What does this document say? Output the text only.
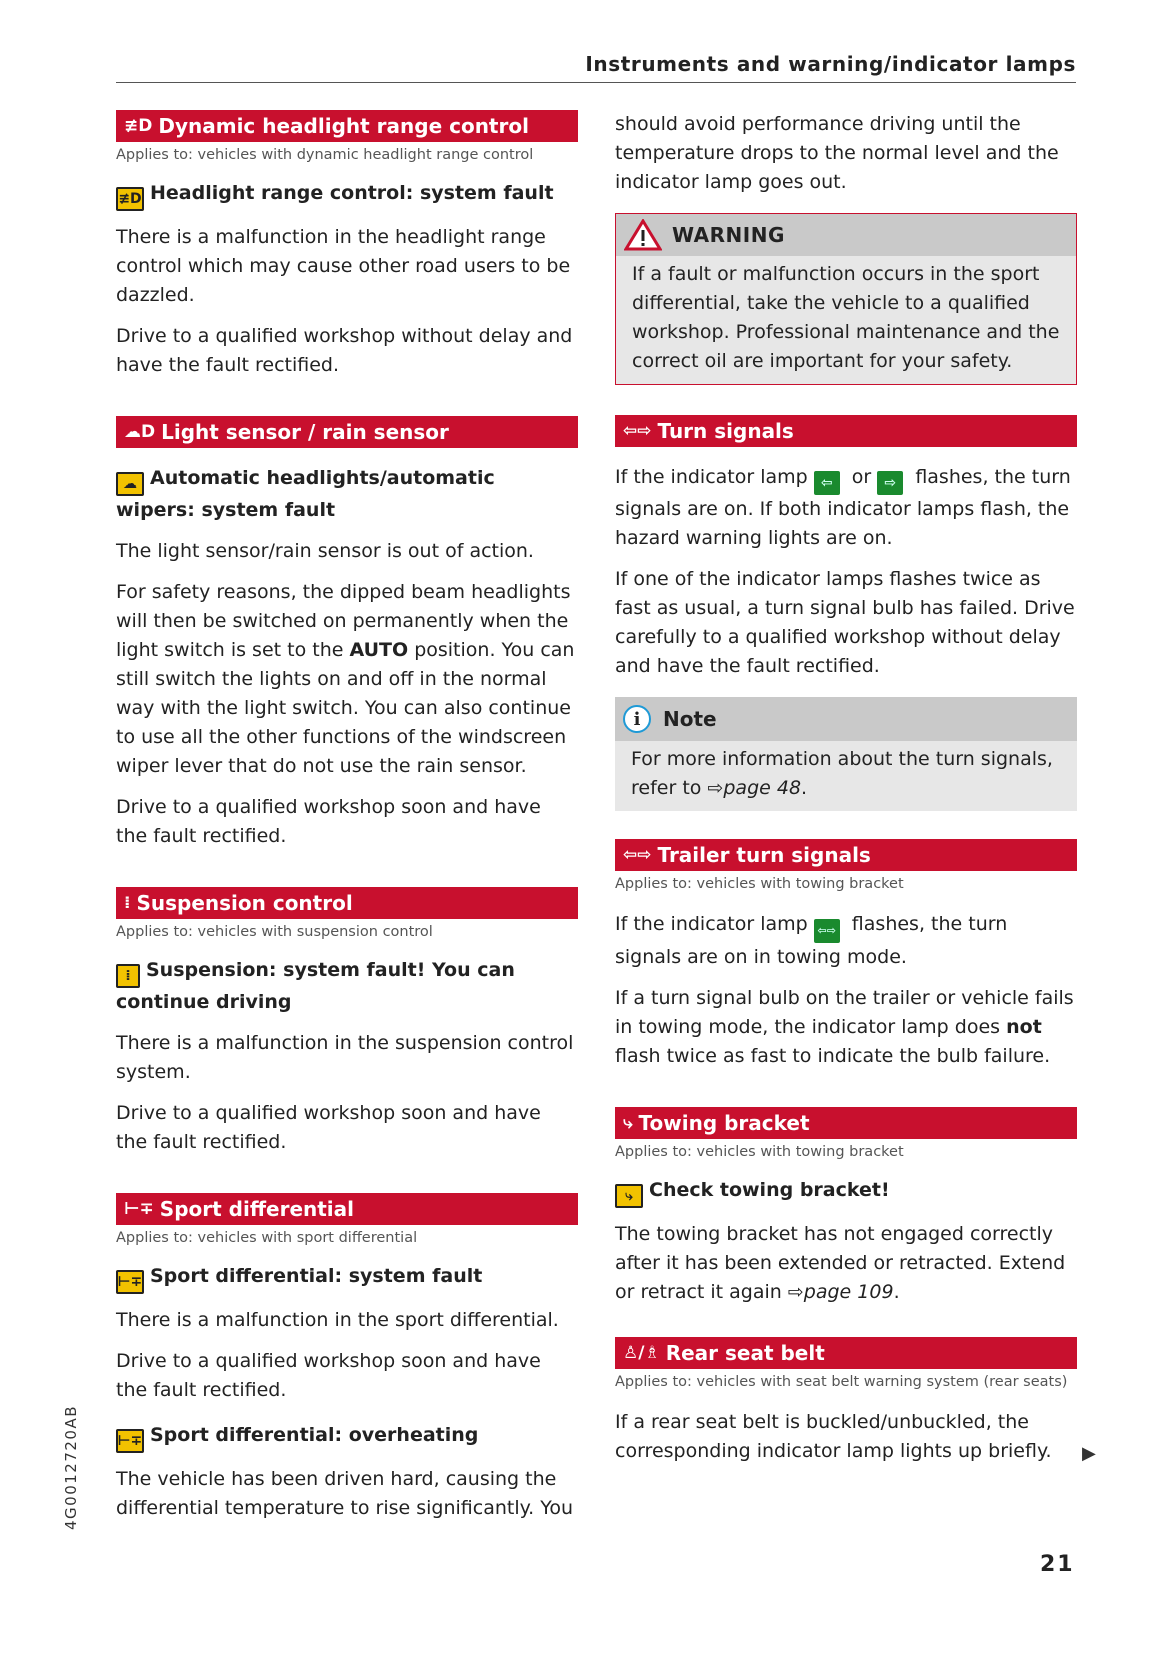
Instruments and warning/indicator lamps
≢D Dynamic headlight range control
Applies to: vehicles with dynamic headlight range control
≢D Headlight range control: system fault
There is a malfunction in the headlight range control which may cause other road users to be dazzled.
Drive to a qualified workshop without delay and have the fault rectified.
☁D Light sensor / rain sensor
☁ Automatic headlights/automatic wipers: system fault
The light sensor/rain sensor is out of action.
For safety reasons, the dipped beam headlights will then be switched on permanently when the light switch is set to the AUTO position. You can still switch the lights on and off in the normal way with the light switch. You can also continue to use all the other functions of the windscreen wiper lever that do not use the rain sensor.
Drive to a qualified workshop soon and have the fault rectified.
⁞ Suspension control
Applies to: vehicles with suspension control
⁞ Suspension: system fault! You can continue driving
There is a malfunction in the suspension control system.
Drive to a qualified workshop soon and have the fault rectified.
⊢∓ Sport differential
Applies to: vehicles with sport differential
⊢∓ Sport differential: system fault
There is a malfunction in the sport differential.
Drive to a qualified workshop soon and have the fault rectified.
⊢∓ Sport differential: overheating
The vehicle has been driven hard, causing the differential temperature to rise significantly. You
should avoid performance driving until the temperature drops to the normal level and the indicator lamp goes out.
WARNING
If a fault or malfunction occurs in the sport differential, take the vehicle to a qualified workshop. Professional maintenance and the correct oil are important for your safety.
⇦⇨ Turn signals
If the indicator lamp ⇦ or ⇨ flashes, the turn signals are on. If both indicator lamps flash, the hazard warning lights are on.
If one of the indicator lamps flashes twice as fast as usual, a turn signal bulb has failed. Drive carefully to a qualified workshop without delay and have the fault rectified.
i	Note
For more information about the turn signals, refer to ⇨page 48.
⇦⇨ Trailer turn signals
Applies to: vehicles with towing bracket
If the indicator lamp ⇦⇨ flashes, the turn signals are on in towing mode.
If a turn signal bulb on the trailer or vehicle fails in towing mode, the indicator lamp does not flash twice as fast to indicate the bulb failure.
⤷ Towing bracket
Applies to: vehicles with towing bracket
⤷ Check towing bracket!
The towing bracket has not engaged correctly after it has been extended or retracted. Extend or retract it again ⇨page 109.
♙/♗ Rear seat belt
Applies to: vehicles with seat belt warning system (rear seats)
If a rear seat belt is buckled/unbuckled, the corresponding indicator lamp lights up briefly.	▶
4G0012720AB
21
